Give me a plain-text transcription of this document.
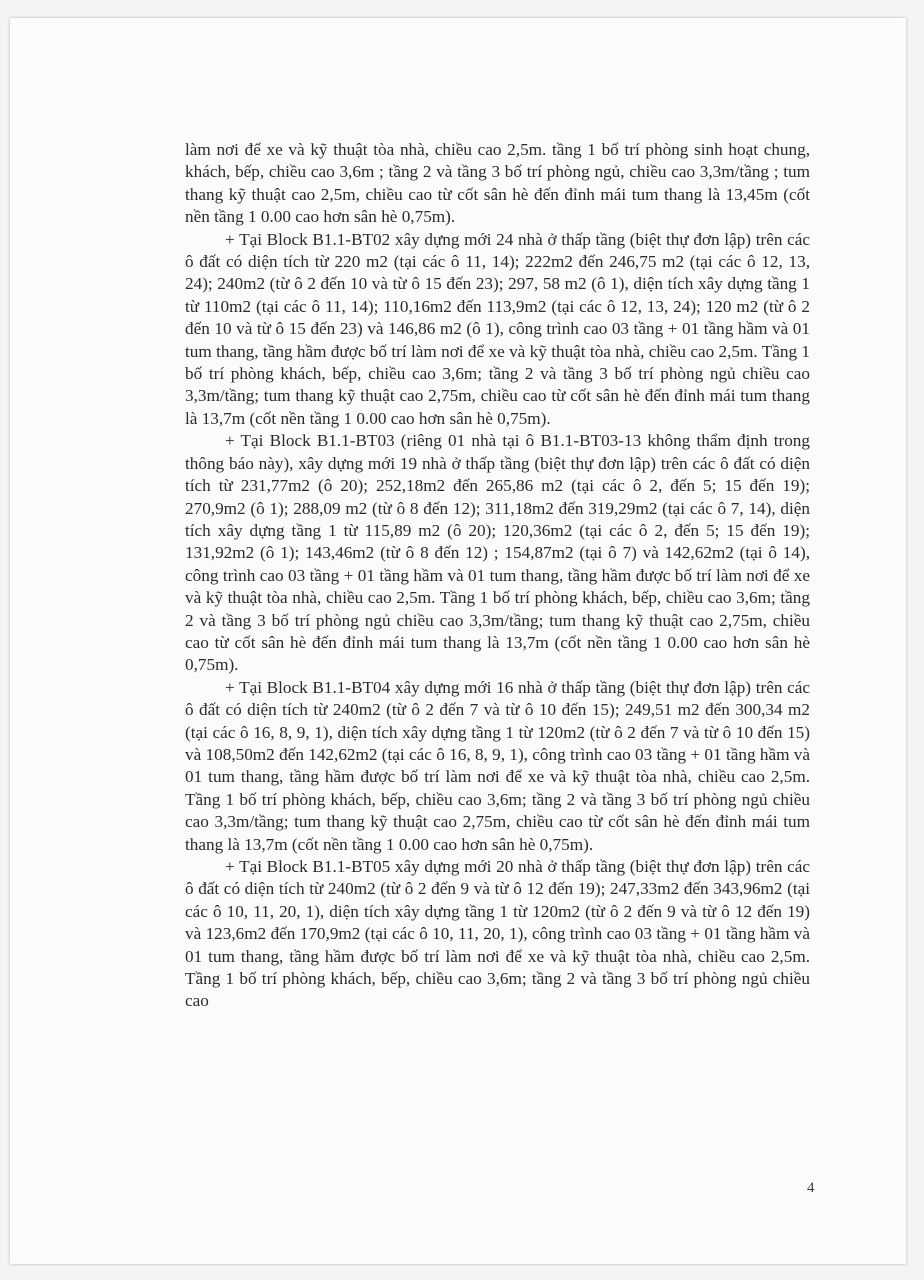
làm nơi để xe và kỹ thuật tòa nhà, chiều cao 2,5m. tầng 1 bố trí phòng sinh hoạt chung, khách, bếp, chiều cao 3,6m ; tầng 2 và tầng 3 bố trí phòng ngủ, chiều cao 3,3m/tầng ; tum thang kỹ thuật cao 2,5m, chiều cao từ cốt sân hè đến đỉnh mái tum thang là 13,45m (cốt nền tầng 1 0.00 cao hơn sân hè 0,75m).

+ Tại Block B1.1-BT02 xây dựng mới 24 nhà ở thấp tầng (biệt thự đơn lập) trên các ô đất có diện tích từ 220 m2 (tại các ô 11, 14); 222m2 đến 246,75 m2 (tại các ô 12, 13, 24); 240m2 (từ ô 2 đến 10 và từ ô 15 đến 23); 297, 58 m2 (ô 1), diện tích xây dựng tầng 1 từ 110m2 (tại các ô 11, 14); 110,16m2 đến 113,9m2 (tại các ô 12, 13, 24); 120 m2 (từ ô 2 đến 10 và từ ô 15 đến 23) và 146,86 m2 (ô 1), công trình cao 03 tầng + 01 tầng hầm và 01 tum thang, tầng hầm được bố trí làm nơi để xe và kỹ thuật tòa nhà, chiều cao 2,5m. Tầng 1 bố trí phòng khách, bếp, chiều cao 3,6m; tầng 2 và tầng 3 bố trí phòng ngủ chiều cao 3,3m/tầng; tum thang kỹ thuật cao 2,75m, chiều cao từ cốt sân hè đến đỉnh mái tum thang là 13,7m (cốt nền tầng 1 0.00 cao hơn sân hè 0,75m).

+ Tại Block B1.1-BT03 (riêng 01 nhà tại ô B1.1-BT03-13 không thẩm định trong thông báo này), xây dựng mới 19 nhà ở thấp tầng (biệt thự đơn lập) trên các ô đất có diện tích từ 231,77m2 (ô 20); 252,18m2 đến 265,86 m2 (tại các ô 2, đến 5; 15 đến 19); 270,9m2 (ô 1); 288,09 m2 (từ ô 8 đến 12); 311,18m2 đến 319,29m2 (tại các ô 7, 14), diện tích xây dựng tầng 1 từ 115,89 m2 (ô 20); 120,36m2 (tại các ô 2, đến 5; 15 đến 19); 131,92m2 (ô 1); 143,46m2 (từ ô 8 đến 12) ; 154,87m2 (tại ô 7) và 142,62m2 (tại ô 14), công trình cao 03 tầng + 01 tầng hầm và 01 tum thang, tầng hầm được bố trí làm nơi để xe và kỹ thuật tòa nhà, chiều cao 2,5m. Tầng 1 bố trí phòng khách, bếp, chiều cao 3,6m; tầng 2 và tầng 3 bố trí phòng ngủ chiều cao 3,3m/tầng; tum thang kỹ thuật cao 2,75m, chiều cao từ cốt sân hè đến đỉnh mái tum thang là 13,7m (cốt nền tầng 1 0.00 cao hơn sân hè 0,75m).

+ Tại Block B1.1-BT04 xây dựng mới 16 nhà ở thấp tầng (biệt thự đơn lập) trên các ô đất có diện tích từ 240m2 (từ ô 2 đến 7 và từ ô 10 đến 15); 249,51 m2 đến 300,34 m2 (tại các ô 16, 8, 9, 1), diện tích xây dựng tầng 1 từ 120m2 (từ ô 2 đến 7 và từ ô 10 đến 15) và 108,50m2 đến 142,62m2 (tại các ô 16, 8, 9, 1), công trình cao 03 tầng + 01 tầng hầm và 01 tum thang, tầng hầm được bố trí làm nơi để xe và kỹ thuật tòa nhà, chiều cao 2,5m. Tầng 1 bố trí phòng khách, bếp, chiều cao 3,6m; tầng 2 và tầng 3 bố trí phòng ngủ chiều cao 3,3m/tầng; tum thang kỹ thuật cao 2,75m, chiều cao từ cốt sân hè đến đỉnh mái tum thang là 13,7m (cốt nền tầng 1 0.00 cao hơn sân hè 0,75m).

+ Tại Block B1.1-BT05 xây dựng mới 20 nhà ở thấp tầng (biệt thự đơn lập) trên các ô đất có diện tích từ 240m2 (từ ô 2 đến 9 và từ ô 12 đến 19); 247,33m2 đến 343,96m2 (tại các ô 10, 11, 20, 1), diện tích xây dựng tầng 1 từ 120m2 (từ ô 2 đến 9 và từ ô 12 đến 19) và 123,6m2 đến 170,9m2 (tại các ô 10, 11, 20, 1), công trình cao 03 tầng + 01 tầng hầm và 01 tum thang, tầng hầm được bố trí làm nơi để xe và kỹ thuật tòa nhà, chiều cao 2,5m. Tầng 1 bố trí phòng khách, bếp, chiều cao 3,6m; tầng 2 và tầng 3 bố trí phòng ngủ chiều cao

4
